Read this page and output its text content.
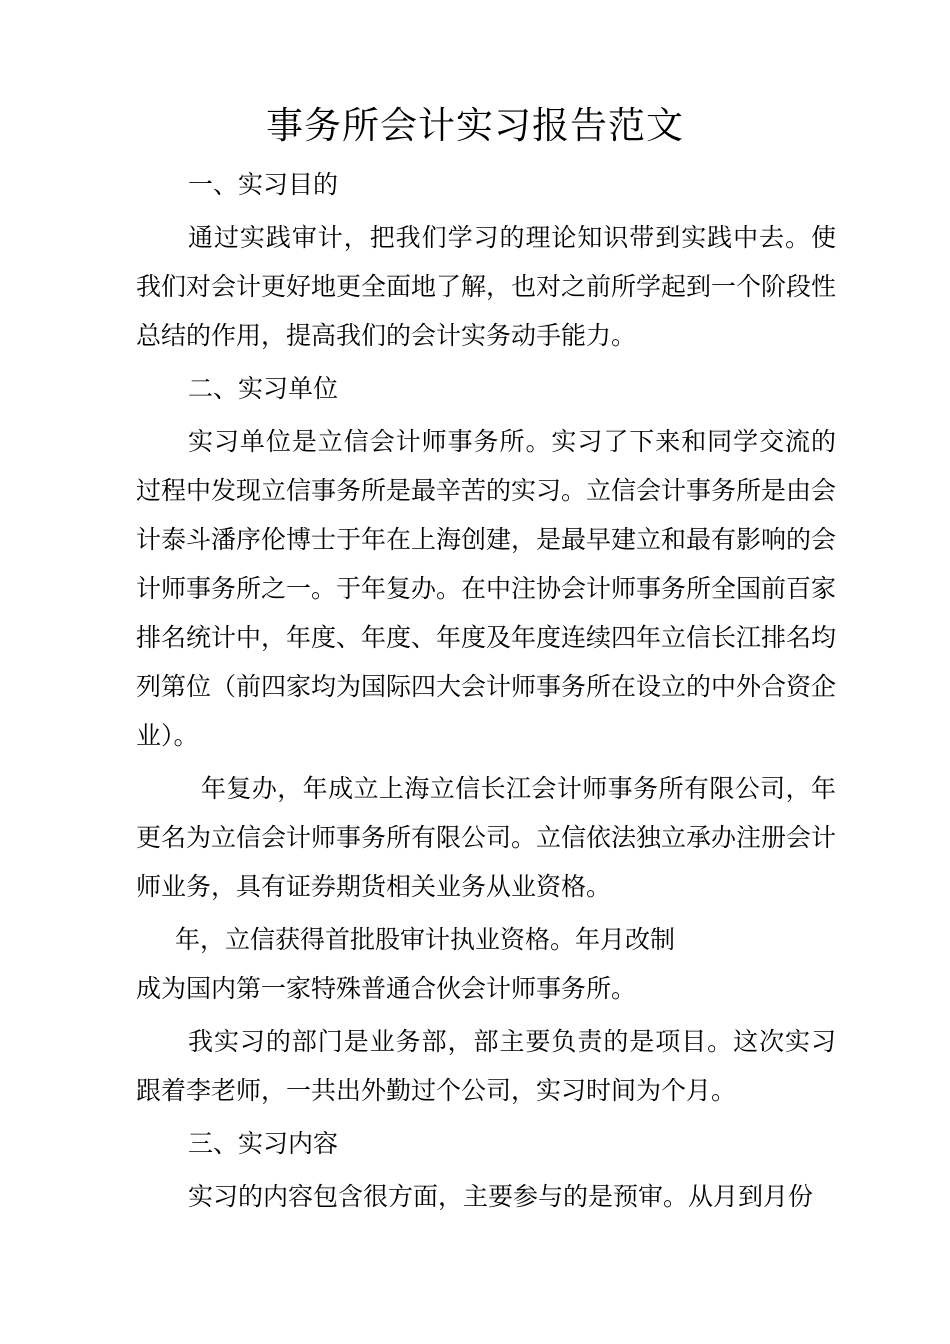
事务所会计实习报告范文

一、实习目的

通过实践审计，把我们学习的理论知识带到实践中去。使我们对会计更好地更全面地了解，也对之前所学起到一个阶段性总结的作用，提高我们的会计实务动手能力。

二、实习单位

实习单位是立信会计师事务所。实习了下来和同学交流的过程中发现立信事务所是最辛苦的实习。立信会计事务所是由会计泰斗潘序伦博士于年在上海创建，是最早建立和最有影响的会计师事务所之一。于年复办。在中注协会计师事务所全国前百家排名统计中，年度、年度、年度及年度连续四年立信长江排名均列第位（前四家均为国际四大会计师事务所在设立的中外合资企业）。

年复办，年成立上海立信长江会计师事务所有限公司，年更名为立信会计师事务所有限公司。立信依法独立承办注册会计师业务，具有证券期货相关业务从业资格。

年，立信获得首批股审计执业资格。年月改制
成为国内第一家特殊普通合伙会计师事务所。

我实习的部门是业务部，部主要负责的是项目。这次实习跟着李老师，一共出外勤过个公司，实习时间为个月。

三、实习内容

实习的内容包含很方面，主要参与的是预审。从月到月份
